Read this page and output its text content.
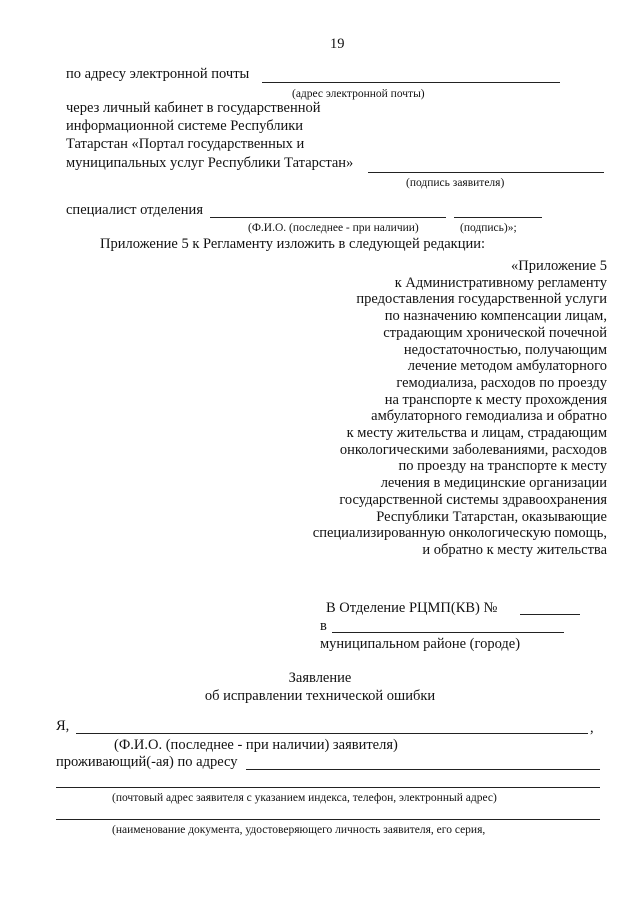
19
по адресу электронной почты
(адрес электронной почты)
через личный кабинет в государственной
информационной системе Республики
Татарстан «Портал государственных и
муниципальных услуг Республики Татарстан»
(подпись заявителя)
специалист отделения
(Ф.И.О. (последнее - при наличии)	(подпись)»;
Приложение 5 к Регламенту изложить в следующей редакции:
«Приложение 5
к Административному регламенту
предоставления государственной услуги
по назначению компенсации лицам,
страдающим хронической почечной
недостаточностью, получающим
лечение методом амбулаторного
гемодиализа, расходов по проезду
на транспорте к месту прохождения
амбулаторного гемодиализа и обратно
к месту жительства и лицам, страдающим
онкологическими заболеваниями, расходов
по проезду на транспорте к месту
лечения в медицинские организации
государственной системы здравоохранения
Республики Татарстан, оказывающие
специализированную онкологическую помощь,
и обратно к месту жительства
В Отделение РЦМП(КВ) №
в
муниципальном районе (городе)
Заявление
об исправлении технической ошибки
Я,	,
(Ф.И.О. (последнее - при наличии) заявителя)
проживающий(-ая) по адресу
(почтовый адрес заявителя с указанием индекса, телефон, электронный адрес)
(наименование документа, удостоверяющего личность заявителя, его серия,
